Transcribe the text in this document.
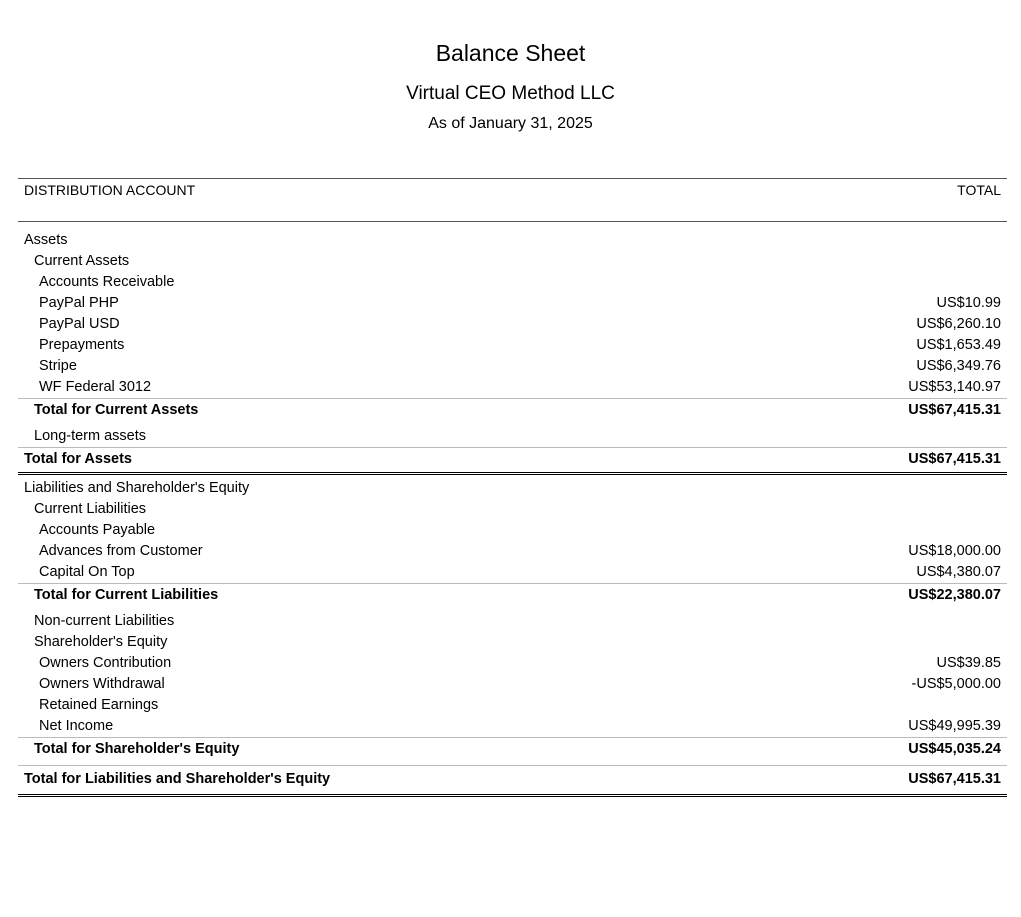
Balance Sheet
Virtual CEO Method LLC
As of January 31, 2025
DISTRIBUTION ACCOUNT	TOTAL
Assets
Current Assets
Accounts Receivable
PayPal PHP	US$10.99
PayPal USD	US$6,260.10
Prepayments	US$1,653.49
Stripe	US$6,349.76
WF Federal 3012	US$53,140.97
Total for Current Assets	US$67,415.31
Long-term assets
Total for Assets	US$67,415.31
Liabilities and Shareholder's Equity
Current Liabilities
Accounts Payable
Advances from Customer	US$18,000.00
Capital On Top	US$4,380.07
Total for Current Liabilities	US$22,380.07
Non-current Liabilities
Shareholder's Equity
Owners Contribution	US$39.85
Owners Withdrawal	-US$5,000.00
Retained Earnings
Net Income	US$49,995.39
Total for Shareholder's Equity	US$45,035.24
Total for Liabilities and Shareholder's Equity	US$67,415.31
